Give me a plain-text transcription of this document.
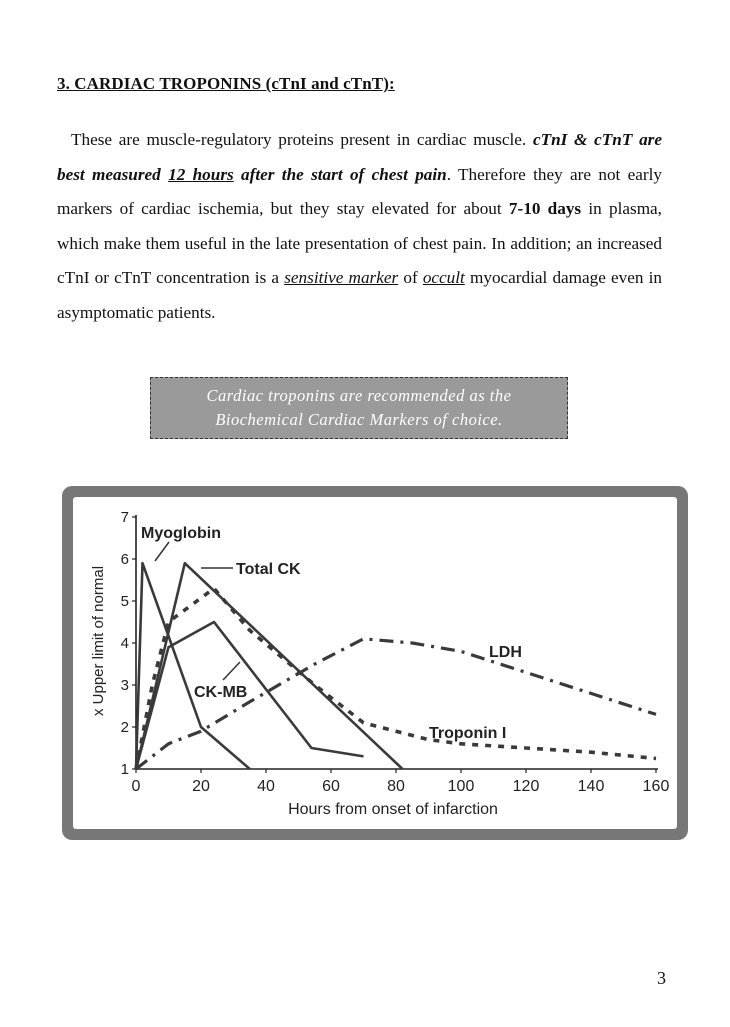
3. CARDIAC TROPONINS (cTnI and cTnT):
These are muscle-regulatory proteins present in cardiac muscle. cTnI & cTnT are best measured 12 hours after the start of chest pain. Therefore they are not early markers of cardiac ischemia, but they stay elevated for about 7-10 days in plasma, which make them useful in the late presentation of chest pain. In addition; an increased cTnI or cTnT concentration is a sensitive marker of occult myocardial damage even in asymptomatic patients.
Cardiac troponins are recommended as the
Biochemical Cardiac Markers of choice.
1
2
3
4
5
6
7
0	20	40	60	80	100 120 140 160
x Upper limit of normal
Hours from onset of infarction
Myoglobin
Total CK
CK-MB
LDH
Troponin I
3
